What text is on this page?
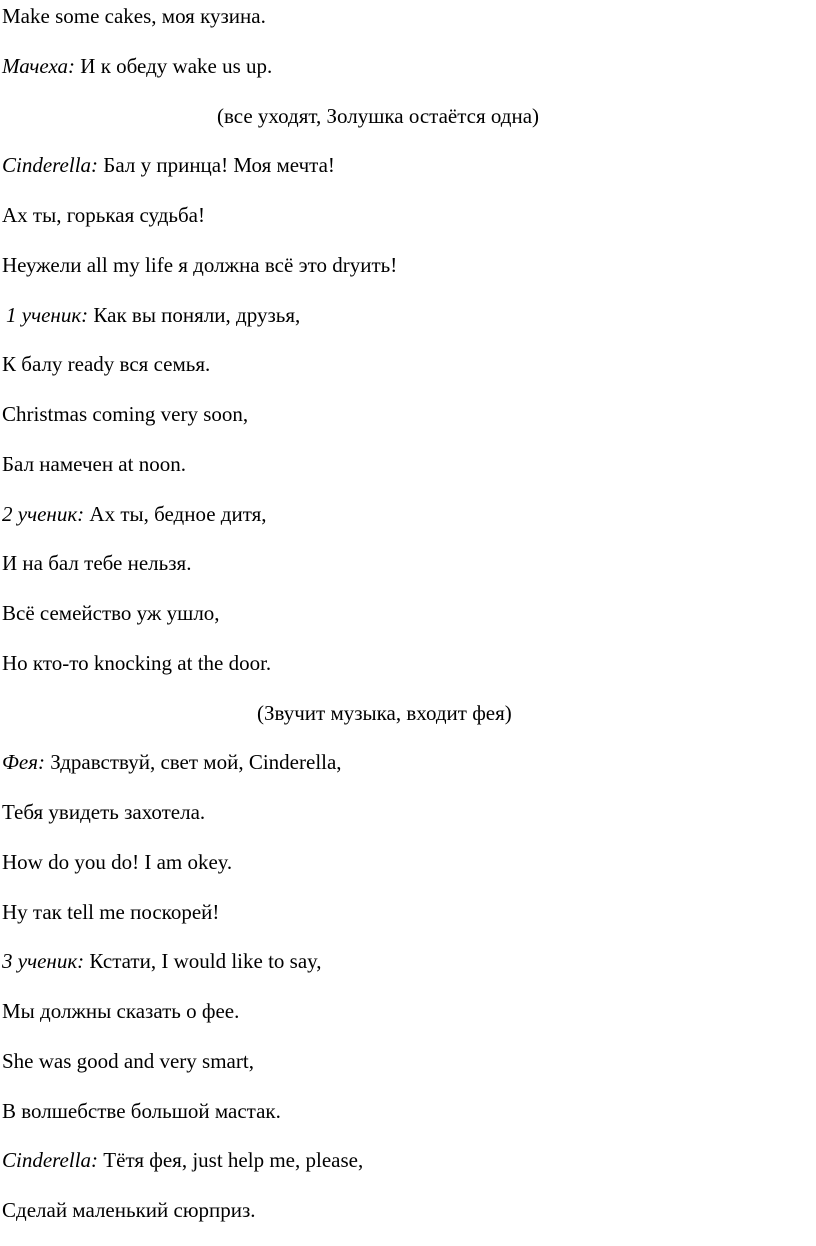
Make some cakes, моя кузина.
Мачеха: И к обеду wake us up.
(все уходят, Золушка остаётся одна)
Cinderella: Бал у принца! Моя мечта!
Ах ты, горькая судьба!
Неужели all my life я должна всё это dryить!
1 ученик: Как вы поняли, друзья,
К балу ready вся семья.
Christmas coming very soon,
Бал намечен at noon.
2 ученик: Ах ты, бедное дитя,
И на бал тебе нельзя.
Всё семейство уж ушло,
Но кто-то knocking at the door.
(Звучит музыка, входит фея)
Фея: Здравствуй, свет мой, Cinderella,
Тебя увидеть захотела.
How do you do! I am okey.
Ну так tell me поскорей!
3 ученик: Кстати, I would like to say,
Мы должны сказать о фее.
She was good and very smart,
В волшебстве большой мастак.
Cinderella: Тётя фея, just help me, please,
Сделай маленький сюрприз.
